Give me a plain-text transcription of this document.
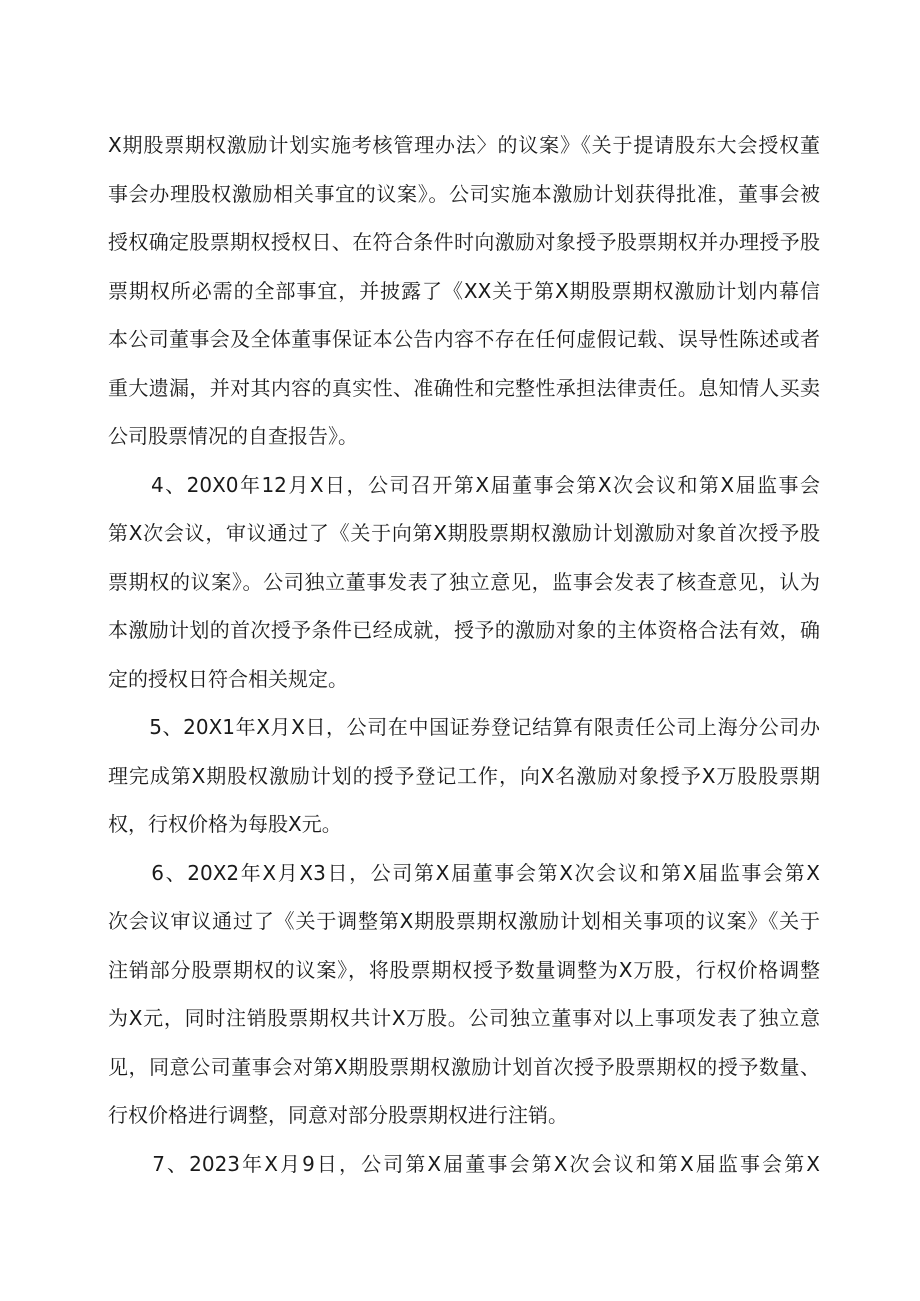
X期股票期权激励计划实施考核管理办法〉的议案》《关于提请股东大会授权董
事会办理股权激励相关事宜的议案》。公司实施本激励计划获得批准，董事会被
授权确定股票期权授权日、在符合条件时向激励对象授予股票期权并办理授予股
票期权所必需的全部事宜，并披露了《XX关于第X期股票期权激励计划内幕信
本公司董事会及全体董事保证本公告内容不存在任何虚假记载、误导性陈述或者
重大遗漏，并对其内容的真实性、准确性和完整性承担法律责任。息知情人买卖
公司股票情况的自查报告》。
　　4、20X0年12月X日，公司召开第X届董事会第X次会议和第X届监事会
第X次会议，审议通过了《关于向第X期股票期权激励计划激励对象首次授予股
票期权的议案》。公司独立董事发表了独立意见，监事会发表了核查意见，认为
本激励计划的首次授予条件已经成就，授予的激励对象的主体资格合法有效，确
定的授权日符合相关规定。
　　5、20X1年X月X日，公司在中国证券登记结算有限责任公司上海分公司办
理完成第X期股权激励计划的授予登记工作，向X名激励对象授予X万股股票期
权，行权价格为每股X元。
　　6、20X2年X月X3日，公司第X届董事会第X次会议和第X届监事会第X
次会议审议通过了《关于调整第X期股票期权激励计划相关事项的议案》《关于
注销部分股票期权的议案》，将股票期权授予数量调整为X万股，行权价格调整
为X元，同时注销股票期权共计X万股。公司独立董事对以上事项发表了独立意
见，同意公司董事会对第X期股票期权激励计划首次授予股票期权的授予数量、
行权价格进行调整，同意对部分股票期权进行注销。
　　7、2023年X月9日，公司第X届董事会第X次会议和第X届监事会第X
